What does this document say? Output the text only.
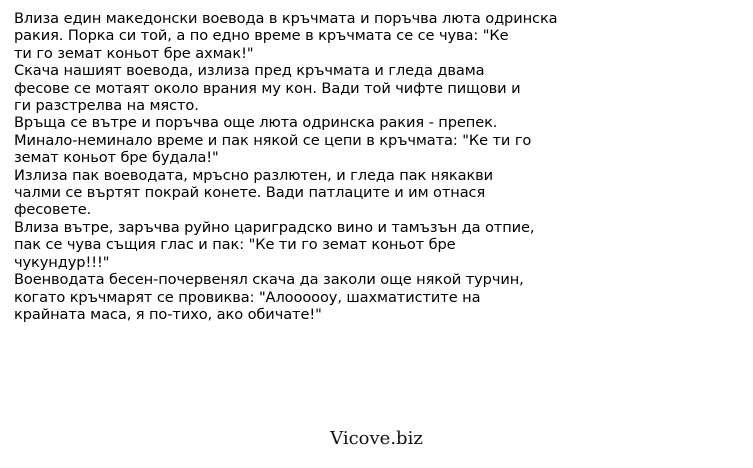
Влиза един македонски воевода в кръчмата и поръчва люта одринска
ракия. Порка си той, а по едно време в кръчмата се се чува: "Ке
ти го земат коньот бре ахмак!"
Скача нашият воевода, излиза пред кръчмата и гледа двама
фесове се мотаят около врания му кон. Вади той чифте пищови и
ги разстрелва на място.
Връща се вътре и поръчва още люта одринска ракия - препек.
Минало-неминало време и пак някой се цепи в кръчмата: "Ке ти го
земат коньот бре будала!"
Излиза пак воеводата, мръсно разлютен, и гледа пак някакви
чалми се въртят покрай конете. Вади патлаците и им отнася
фесовете.
Влиза вътре, заръчва руйно цариградско вино и тамъзън да отпие,
пак се чува същия глас и пак: "Ке ти го земат коньот бре
чукундур!!!"
Военводата бесен-почервенял скача да заколи още някой турчин,
когато кръчмарят се провиква: "Алоооооу, шахматистите на
крайната маса, я по-тихо, ако обичате!"
Vicove.biz
